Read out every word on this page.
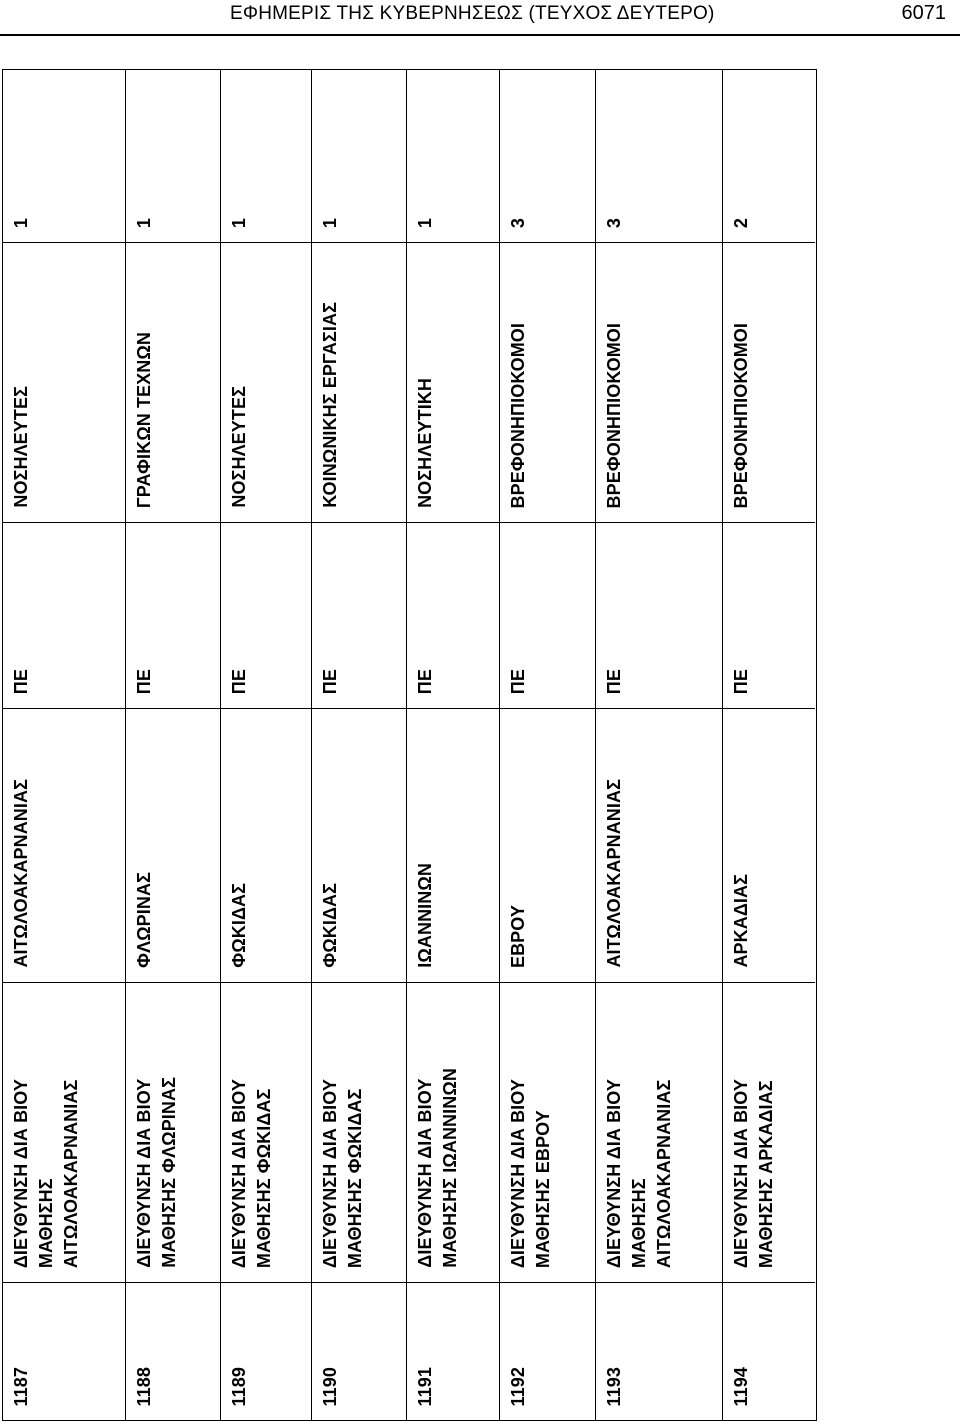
ΕΦΗΜΕΡΙΣ ΤΗΣ ΚΥΒΕΡΝΗΣΕΩΣ (ΤΕΥΧΟΣ ΔΕΥΤΕΡΟ)	6071
1
ΝΟΣΗΛΕΥΤΕΣ
ΠΕ
ΑΙΤΩΛΟΑΚΑΡΝΑΝΙΑΣ
ΔΙΕΥΘΥΝΣΗ ΔΙΑ ΒΙΟΥ
ΜΑΘΗΣΗΣ
ΑΙΤΩΛΟΑΚΑΡΝΑΝΙΑΣ
1187
1
ΓΡΑΦΙΚΩΝ ΤΕΧΝΩΝ
ΠΕ
ΦΛΩΡΙΝΑΣ
ΔΙΕΥΘΥΝΣΗ ΔΙΑ ΒΙΟΥ
ΜΑΘΗΣΗΣ ΦΛΩΡΙΝΑΣ
1188
1
ΝΟΣΗΛΕΥΤΕΣ
ΠΕ
ΦΩΚΙΔΑΣ
ΔΙΕΥΘΥΝΣΗ ΔΙΑ ΒΙΟΥ
ΜΑΘΗΣΗΣ ΦΩΚΙΔΑΣ
1189
1
ΚΟΙΝΩΝΙΚΗΣ ΕΡΓΑΣΙΑΣ
ΠΕ
ΦΩΚΙΔΑΣ
ΔΙΕΥΘΥΝΣΗ ΔΙΑ ΒΙΟΥ
ΜΑΘΗΣΗΣ ΦΩΚΙΔΑΣ
1190
1
ΝΟΣΗΛΕΥΤΙΚΗ
ΠΕ
ΙΩΑΝΝΙΝΩΝ
ΔΙΕΥΘΥΝΣΗ ΔΙΑ ΒΙΟΥ
ΜΑΘΗΣΗΣ ΙΩΑΝΝΙΝΩΝ
1191
3
ΒΡΕΦΟΝΗΠΙΟΚΟΜΟΙ
ΠΕ
ΕΒΡΟΥ
ΔΙΕΥΘΥΝΣΗ ΔΙΑ ΒΙΟΥ
ΜΑΘΗΣΗΣ ΕΒΡΟΥ
1192
3
ΒΡΕΦΟΝΗΠΙΟΚΟΜΟΙ
ΠΕ
ΑΙΤΩΛΟΑΚΑΡΝΑΝΙΑΣ
ΔΙΕΥΘΥΝΣΗ ΔΙΑ ΒΙΟΥ
ΜΑΘΗΣΗΣ
ΑΙΤΩΛΟΑΚΑΡΝΑΝΙΑΣ
1193
2
ΒΡΕΦΟΝΗΠΙΟΚΟΜΟΙ
ΠΕ
ΑΡΚΑΔΙΑΣ
ΔΙΕΥΘΥΝΣΗ ΔΙΑ ΒΙΟΥ
ΜΑΘΗΣΗΣ ΑΡΚΑΔΙΑΣ
1194
